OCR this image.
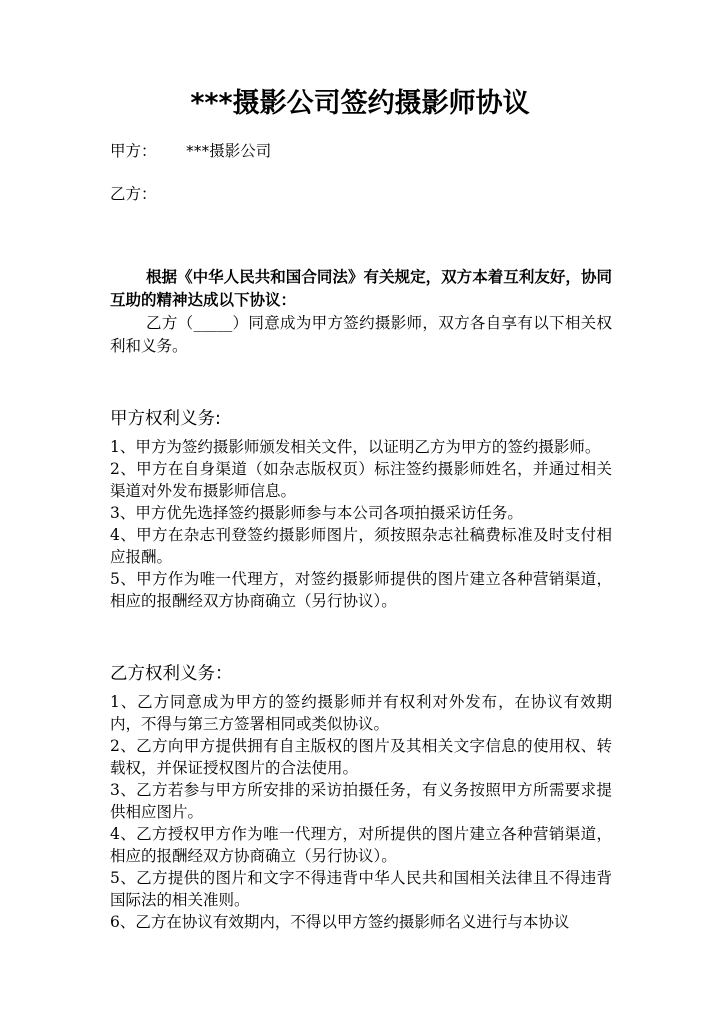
***摄影公司签约摄影师协议
甲方： ***摄影公司
乙方：

根据《中华人民共和国合同法》有关规定，双方本着互利友好，协同互助的精神达成以下协议：

乙方（_____）同意成为甲方签约摄影师，双方各自享有以下相关权利和义务。

甲方权利义务:

1、甲方为签约摄影师颁发相关文件，以证明乙方为甲方的签约摄影师。

2、甲方在自身渠道（如杂志版权页）标注签约摄影师姓名，并通过相关渠道对外发布摄影师信息。

3、甲方优先选择签约摄影师参与本公司各项拍摄采访任务。

4、甲方在杂志刊登签约摄影师图片，须按照杂志社稿费标准及时支付相应报酬。

5、甲方作为唯一代理方，对签约摄影师提供的图片建立各种营销渠道，相应的报酬经双方协商确立（另行协议）。

乙方权利义务：

1、乙方同意成为甲方的签约摄影师并有权利对外发布，在协议有效期内，不得与第三方签署相同或类似协议。

2、乙方向甲方提供拥有自主版权的图片及其相关文字信息的使用权、转载权，并保证授权图片的合法使用。

3、乙方若参与甲方所安排的采访拍摄任务，有义务按照甲方所需要求提供相应图片。

4、乙方授权甲方作为唯一代理方，对所提供的图片建立各种营销渠道，相应的报酬经双方协商确立（另行协议）。

5、乙方提供的图片和文字不得违背中华人民共和国相关法律且不得违背国际法的相关准则。

6、乙方在协议有效期内，不得以甲方签约摄影师名义进行与本协议
